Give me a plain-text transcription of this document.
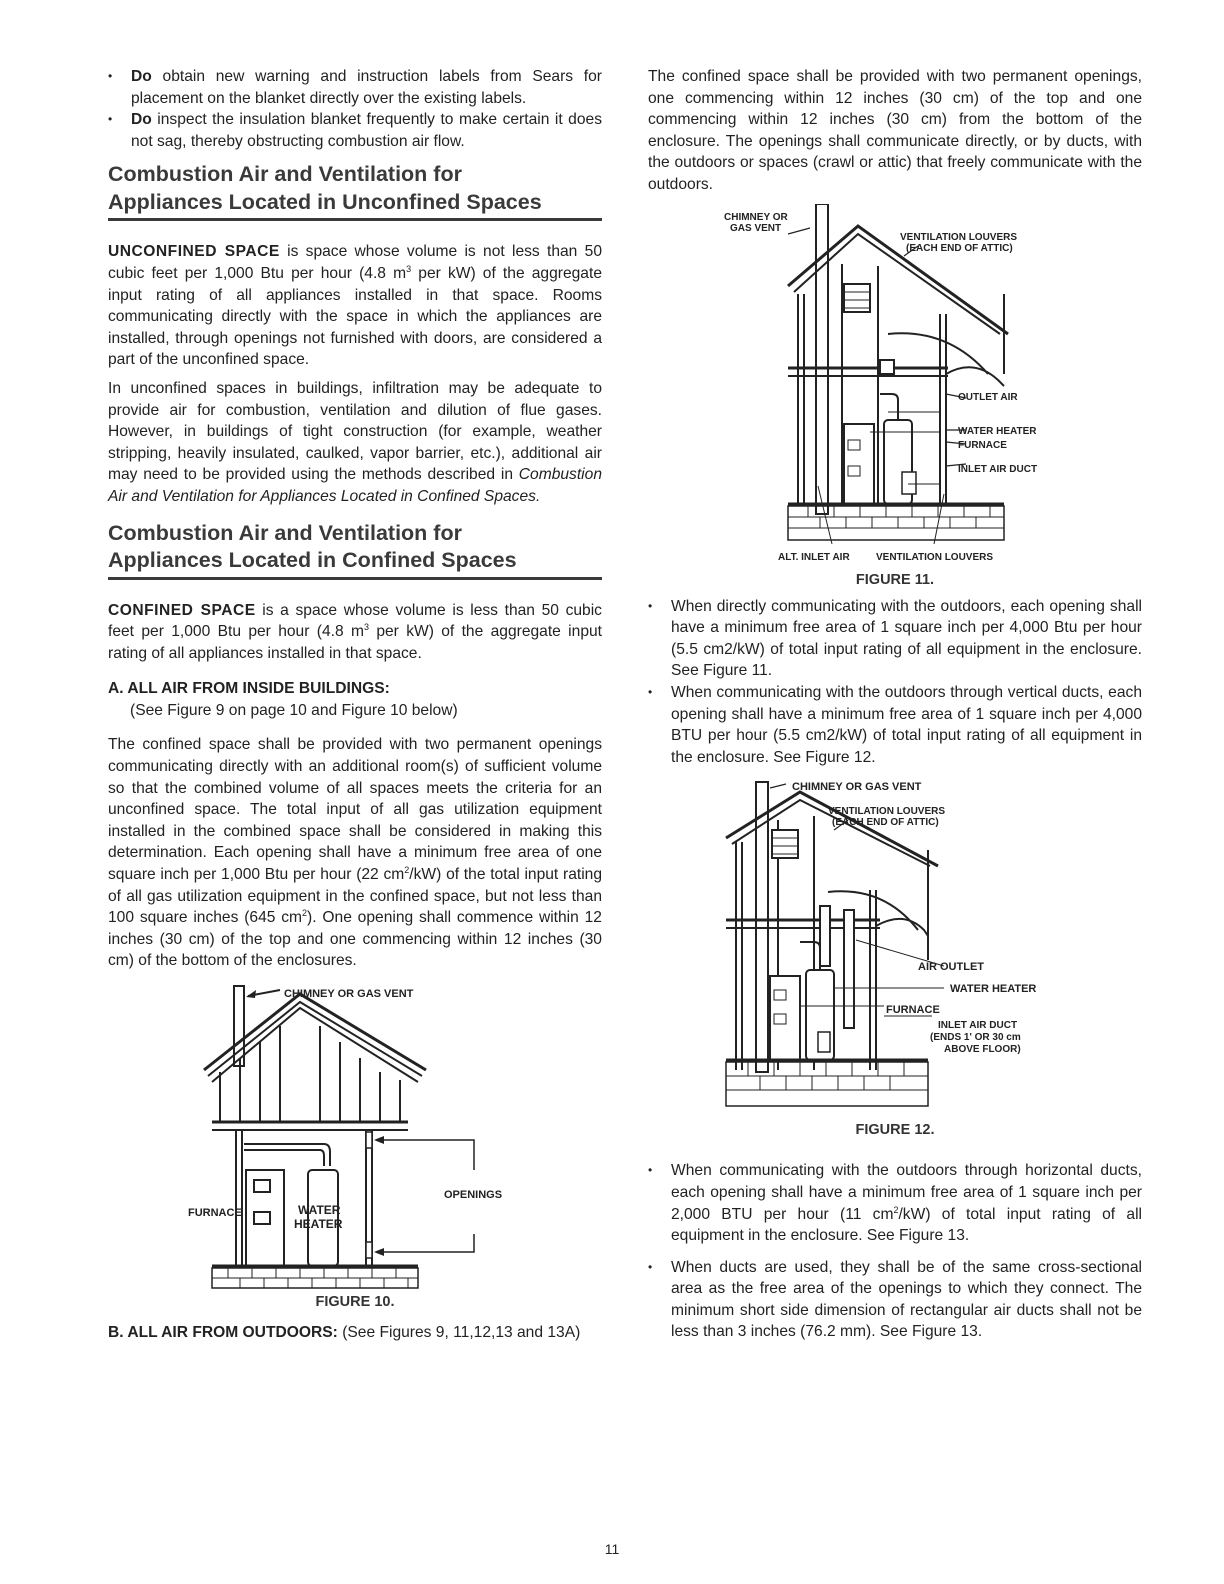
• Do obtain new warning and instruction labels from Sears for placement on the blanket directly over the existing labels.
• Do inspect the insulation blanket frequently to make certain it does not sag, thereby obstructing combustion air flow.
Combustion Air and Ventilation for
Appliances Located in Unconfined Spaces

UNCONFINED SPACE is space whose volume is not less than 50 cubic feet per 1,000 Btu per hour (4.8 $m^3$ per kW) of the aggregate input rating of all appliances installed in that space. Rooms communicating directly with the space in which the appliances are installed, through openings not furnished with doors, are considered a part of the unconfined space.

In unconfined spaces in buildings, infiltration may be adequate to provide air for combustion, ventilation and dilution of flue gases. However, in buildings of tight construction (for example, weather stripping, heavily insulated, caulked, vapor barrier, etc.), additional air may need to be provided using the methods described in Combustion Air and Ventilation for Appliances Located in Confined Spaces.

Combustion Air and Ventilation for
Appliances Located in Confined Spaces

CONFINED SPACE is a space whose volume is less than 50 cubic feet per 1,000 Btu per hour (4.8 $m^3$ per kW) of the aggregate input rating of all appliances installed in that space.

A. ALL AIR FROM INSIDE BUILDINGS:

(See Figure 9 on page 10 and Figure 10 below)

The confined space shall be provided with two permanent openings communicating directly with an additional room(s) of sufficient volume so that the combined volume of all spaces meets the criteria for an unconfined space. The total input of all gas utilization equipment installed in the combined space shall be considered in making this determination. Each opening shall have a minimum free area of one square inch per 1,000 Btu per hour (22 $cm^2/kW$) of the total input rating of all gas utilization equipment in the confined space, but not less than 100 square inches (645 $cm^2$). One opening shall commence within 12 inches (30 cm) of the top and one commencing within 12 inches (30 cm) of the bottom of the enclosures.

CHIMNEY OR GAS VENT
FURNACE	WATER
HEATER
OPENINGS
FIGURE 10.

B. ALL AIR FROM OUTDOORS: (See Figures 9, 11,12,13 and 13A)

The confined space shall be provided with two permanent openings, one commencing within 12 inches (30 cm) of the top and one commencing within 12 inches (30 cm) from the bottom of the enclosure. The openings shall communicate directly, or by ducts, with the outdoors or spaces (crawl or attic) that freely communicate with the outdoors.

CHIMNEY OR
GAS VENT
VENTILATION LOUVERS
(EACH END OF ATTIC)
OUTLET AIR
WATER HEATER
FURNACE
INLET AIR DUCT
ALT. INLET AIR	VENTILATION LOUVERS
FIGURE 11.
• When directly communicating with the outdoors, each opening shall have a minimum free area of 1 square inch per 4,000 Btu per hour (5.5 cm2/kW) of total input rating of all equipment in the enclosure. See Figure 11.
• When communicating with the outdoors through vertical ducts, each opening shall have a minimum free area of 1 square inch per 4,000 BTU per hour (5.5 cm2/kW) of total input rating of all equipment in the enclosure. See Figure 12.
CHIMNEY OR GAS VENT
VENTILATION LOUVERS
(EACH END OF ATTIC)
AIR OUTLET
WATER HEATER
FURNACE
INLET AIR DUCT
(ENDS 1' OR 30 cm
ABOVE FLOOR)
FIGURE 12.
• When communicating with the outdoors through horizontal ducts, each opening shall have a minimum free area of 1 square inch per 2,000 BTU per hour (11 $cm^2/kW$) of total input rating of all equipment in the enclosure. See Figure 13.
• When ducts are used, they shall be of the same cross-sectional area as the free area of the openings to which they connect. The minimum short side dimension of rectangular air ducts shall not be less than 3 inches (76.2 mm). See Figure 13.
11
